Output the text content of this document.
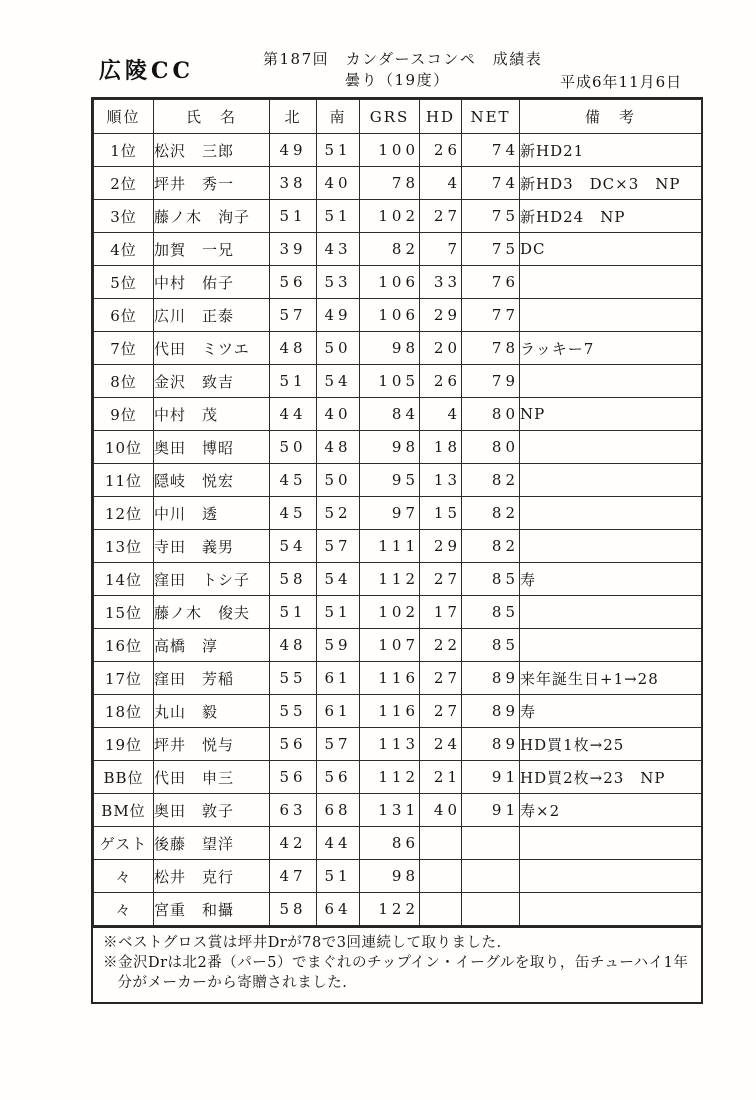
広陵CC	第187回　カンダースコンペ　成績表
曇り（19度）	平成6年11月6日
順位	氏　名	北	南	GRS	HD	NET	備　考
1位	松沢　三郎	49	51	100	26	74	新HD21
2位	坪井　秀一	38	40	78	4	74	新HD3　DC×3　NP
3位	藤ノ木　洵子	51	51	102	27	75	新HD24　NP
4位	加賀　一兄	39	43	82	7	75	DC
5位	中村　佑子	56	53	106	33	76	
6位	広川　正泰	57	49	106	29	77	
7位	代田　ミツエ	48	50	98	20	78	ラッキー7
8位	金沢　致吉	51	54	105	26	79	
9位	中村　茂	44	40	84	4	80	NP
10位	奥田　博昭	50	48	98	18	80	
11位	隠岐　悦宏	45	50	95	13	82	
12位	中川　透	45	52	97	15	82	
13位	寺田　義男	54	57	111	29	82	
14位	窪田　トシ子	58	54	112	27	85	寿
15位	藤ノ木　俊夫	51	51	102	17	85	
16位	高橋　淳	48	59	107	22	85	
17位	窪田　芳稲	55	61	116	27	89	来年誕生日+1→28
18位	丸山　毅	55	61	116	27	89	寿
19位	坪井　悦与	56	57	113	24	89	HD買1枚→25
BB位	代田　申三	56	56	112	21	91	HD買2枚→23　NP
BM位	奥田　敦子	63	68	131	40	91	寿×2
ゲスト	後藤　望洋	42	44	86			
々	松井　克行	47	51	98			
々	宮重　和攝	58	64	122			

※ベストグロス賞は坪井Drが78で3回連続して取りました.

※金沢Drは北2番（パー5）でまぐれのチップイン・イーグルを取り，缶チューハイ1年分がメーカーから寄贈されました.
